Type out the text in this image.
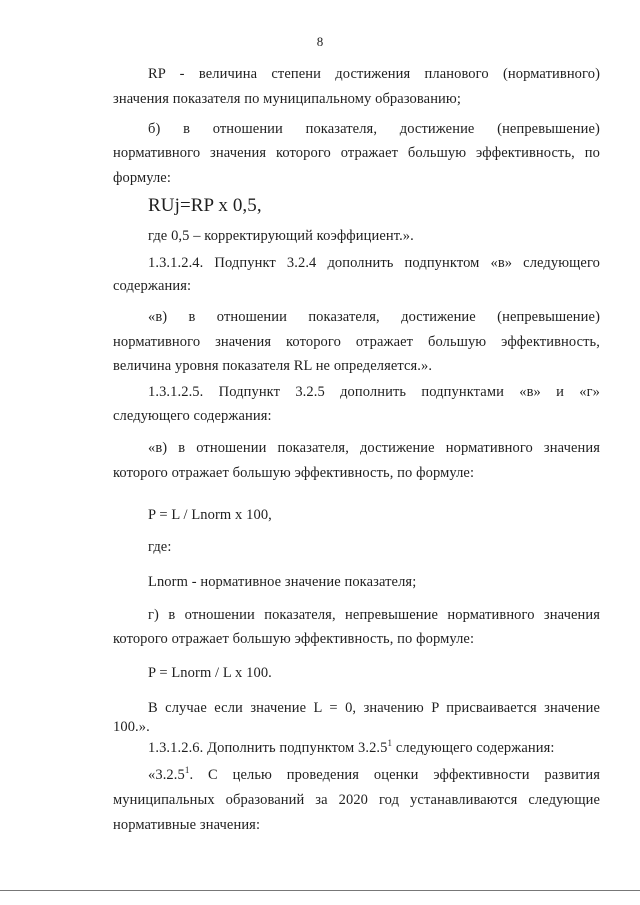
8
RP - величина степени достижения планового (нормативного)
значения показателя по муниципальному образованию;
б) в отношении показателя, достижение (непревышение)
нормативного значения которого отражает большую эффективность, по
формуле:
RUj=RP x 0,5,
где 0,5 – корректирующий коэффициент.».
1.3.1.2.4. Подпункт 3.2.4 дополнить подпунктом «в» следующего
содержания:
«в) в отношении показателя, достижение (непревышение)
нормативного значения которого отражает большую эффективность,
величина уровня показателя RL не определяется.».
1.3.1.2.5. Подпункт 3.2.5 дополнить подпунктами «в» и «г»
следующего содержания:
«в) в отношении показателя, достижение нормативного значения
которого отражает большую эффективность, по формуле:
P = L / Lnorm x 100,
где:
Lnorm - нормативное значение показателя;
г) в отношении показателя, непревышение нормативного значения
которого отражает большую эффективность, по формуле:
P = Lnorm / L x 100.
В случае если значение L = 0, значению P присваивается значение
100.».
1.3.1.2.6. Дополнить подпунктом 3.2.5$^1$ следующего содержания:
«3.2.5$^1$. С целью проведения оценки эффективности развития
муниципальных образований за 2020 год устанавливаются следующие
нормативные значения:
